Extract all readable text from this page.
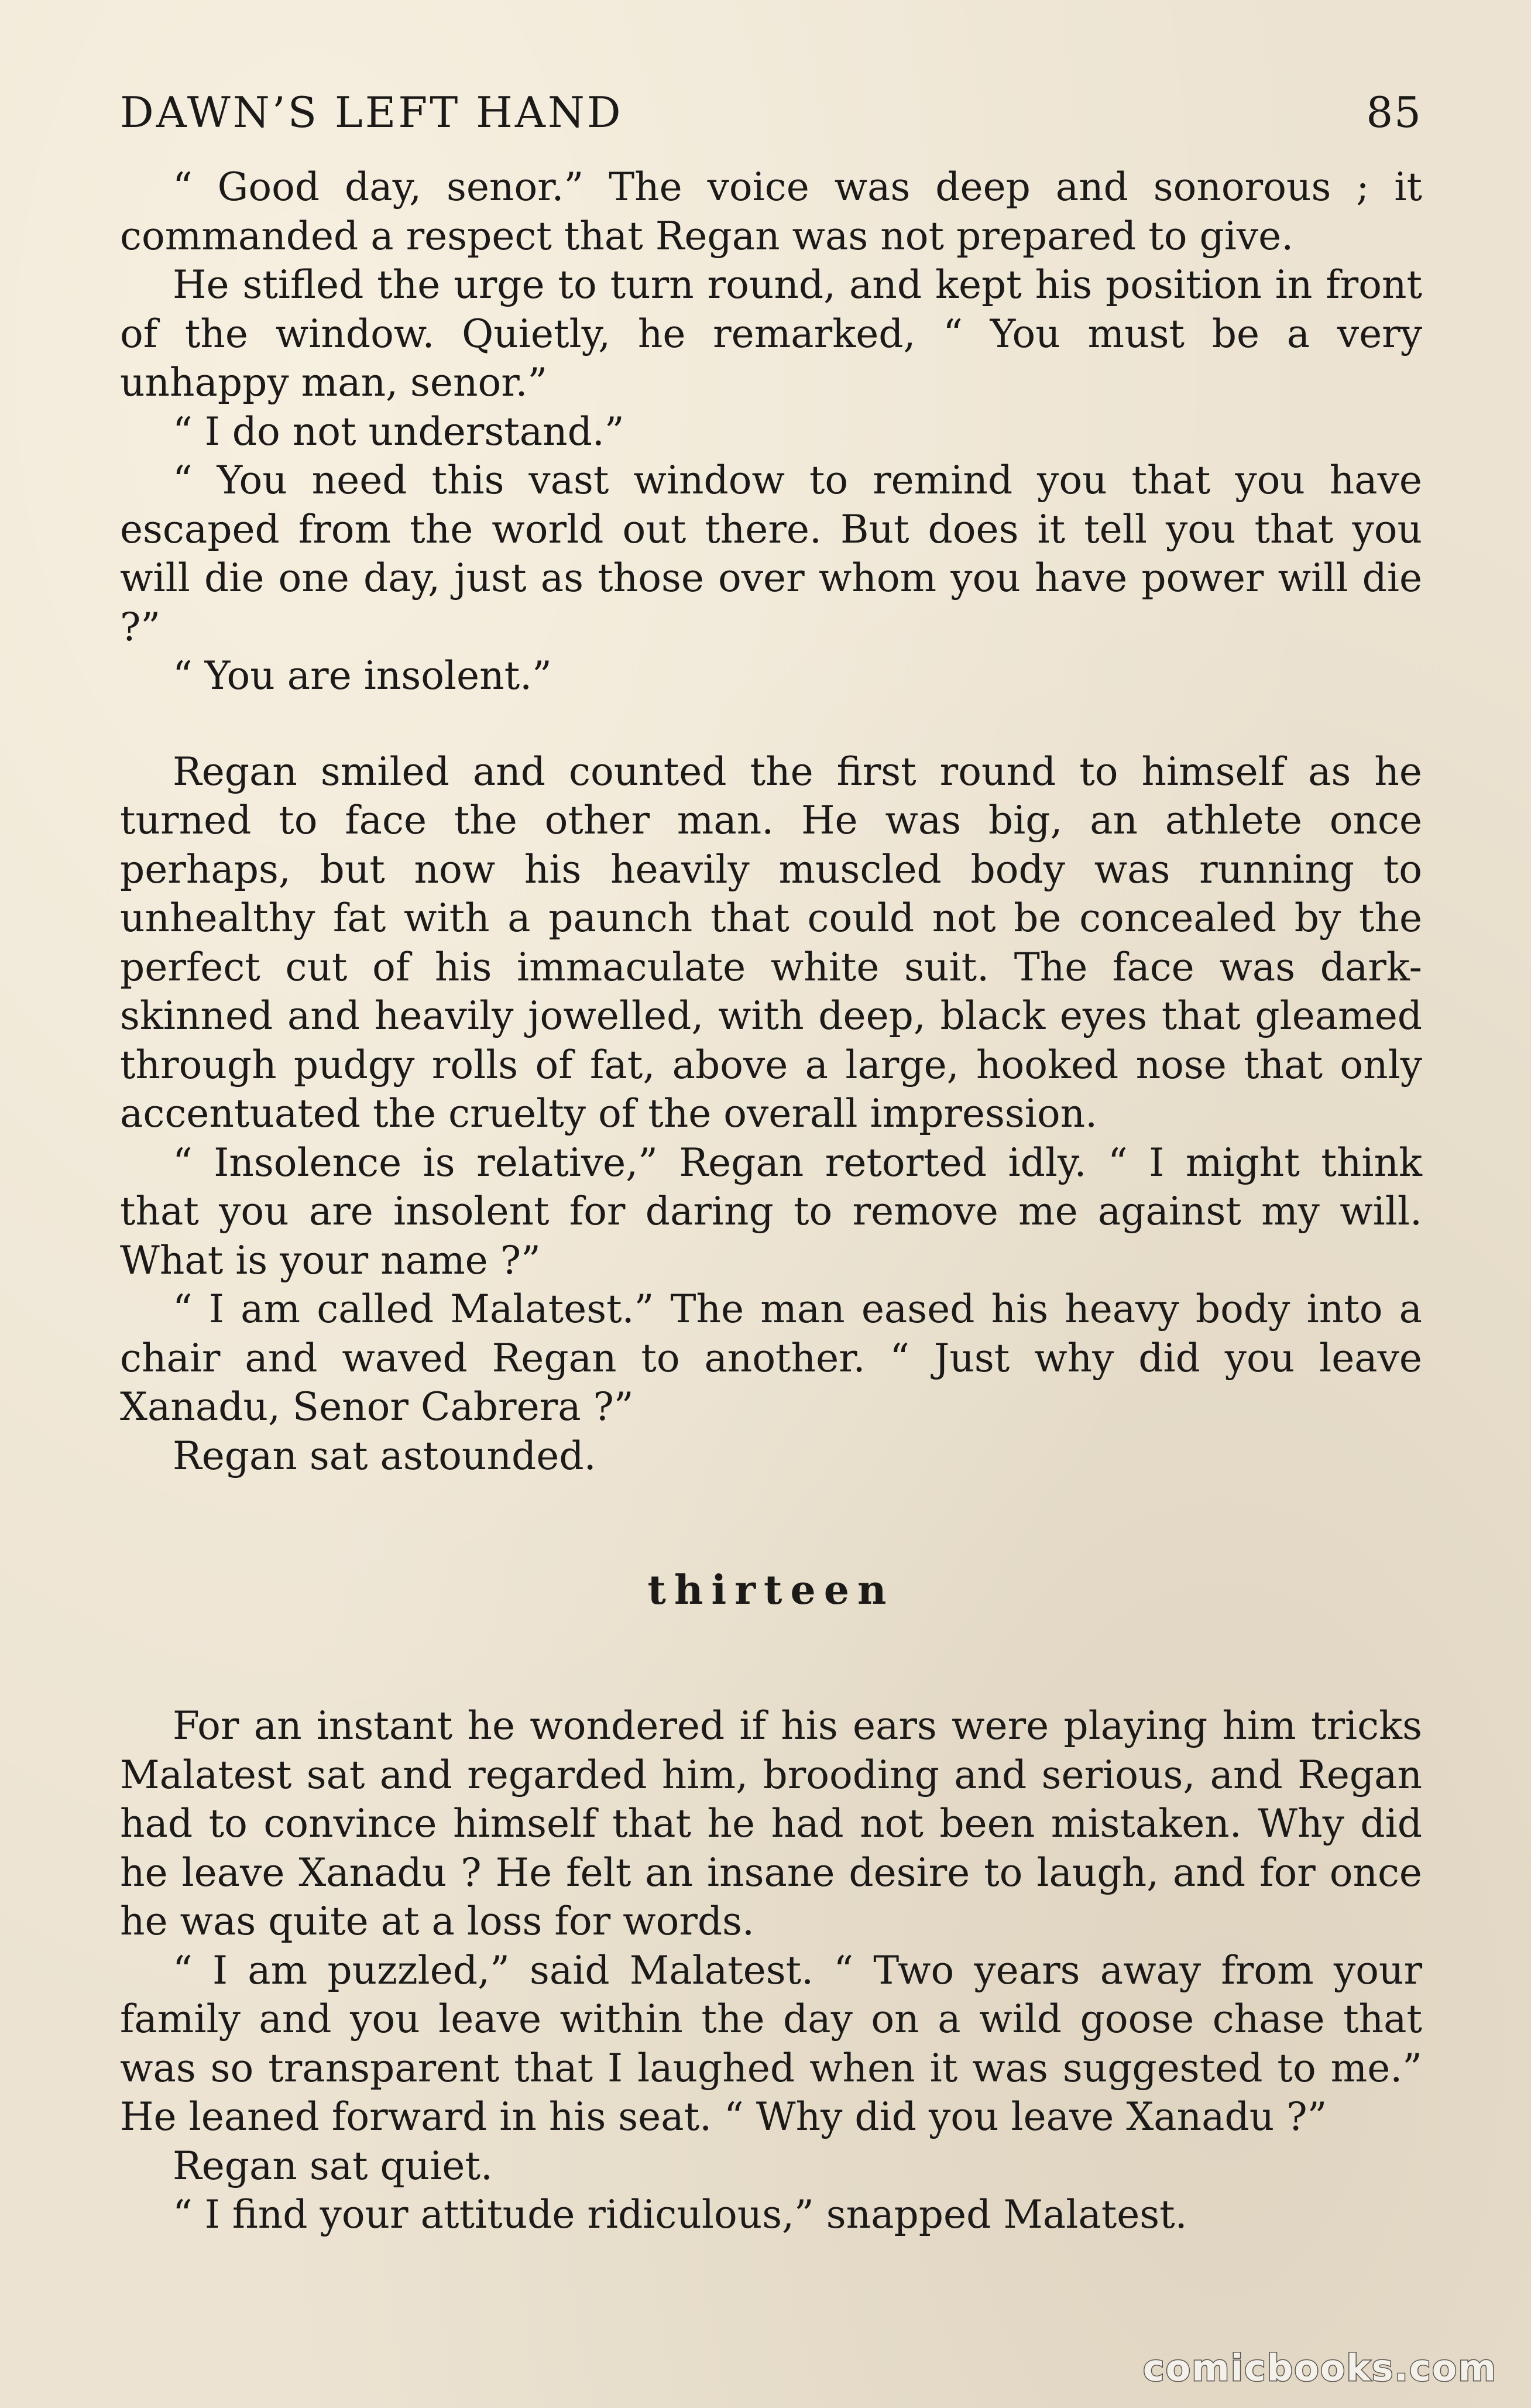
DAWN’S LEFT HAND	85

“ Good day, senor.” The voice was deep and sonorous ; it commanded a respect that Regan was not prepared to give.

He stifled the urge to turn round, and kept his position in front of the window. Quietly, he remarked, “ You must be a very unhappy man, senor.”

“ I do not understand.”

“ You need this vast window to remind you that you have escaped from the world out there. But does it tell you that you will die one day, just as those over whom you have power will die ?”

“ You are insolent.”

Regan smiled and counted the first round to himself as he turned to face the other man. He was big, an athlete once perhaps, but now his heavily muscled body was running to unhealthy fat with a paunch that could not be concealed by the perfect cut of his immaculate white suit. The face was dark-skinned and heavily jowelled, with deep, black eyes that gleamed through pudgy rolls of fat, above a large, hooked nose that only accentuated the cruelty of the overall impression.

“ Insolence is relative,” Regan retorted idly. “ I might think that you are insolent for daring to remove me against my will. What is your name ?”

“ I am called Malatest.” The man eased his heavy body into a chair and waved Regan to another. “ Just why did you leave Xanadu, Senor Cabrera ?”

Regan sat astounded.

thirteen

For an instant he wondered if his ears were playing him tricks Malatest sat and regarded him, brooding and serious, and Regan had to convince himself that he had not been mistaken. Why did he leave Xanadu ? He felt an insane desire to laugh, and for once he was quite at a loss for words.

“ I am puzzled,” said Malatest. “ Two years away from your family and you leave within the day on a wild goose chase that was so transparent that I laughed when it was suggested to me.” He leaned forward in his seat. “ Why did you leave Xanadu ?”

Regan sat quiet.

“ I find your attitude ridiculous,” snapped Malatest.

comicbooks.com
